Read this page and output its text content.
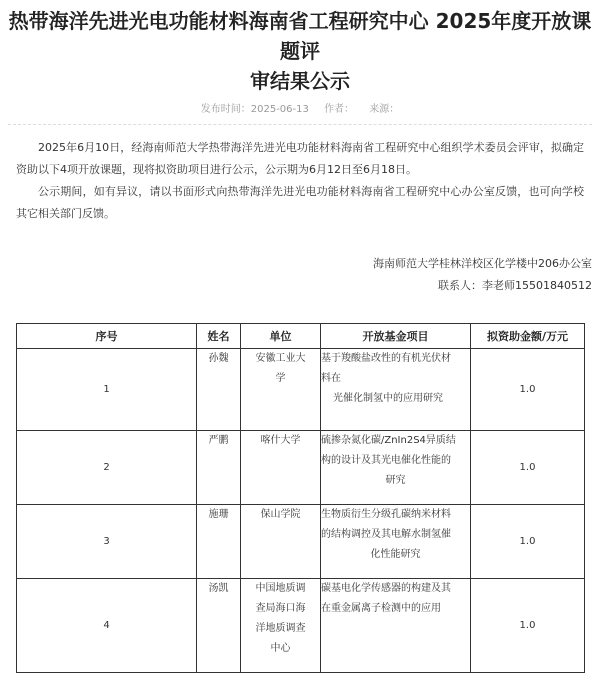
热带海洋先进光电功能材料海南省工程研究中心 2025年度开放课题评
审结果公示
发布时间：2025-06-13 作者： 来源：

2025年6月10日，经海南师范大学热带海洋先进光电功能材料海南省工程研究中心组织学术委员会评审，拟确定资助以下4项开放课题，现将拟资助项目进行公示，公示期为6月12日至6月18日。

公示期间，如有异议，请以书面形式向热带海洋先进光电功能材料海南省工程研究中心办公室反馈，也可向学校其它相关部门反馈。

海南师范大学桂林洋校区化学楼中206办公室
联系人：李老师15501840512
序号	姓名	单位	开放基金项目	拟资助金额/万元
1	孙魏	安徽工业大
学	基于羧酸盐改性的有机光伏材
料在
光催化制氢中的应用研究	1.0
2	严鹏	喀什大学	硫掺杂氮化碳/ZnIn2S4异质结
构的设计及其光电催化性能的
研究	1.0
3	施珊	保山学院	生物质衍生分级孔碳纳米材料
的结构调控及其电解水制氢催
化性能研究	1.0
4	汤凯	中国地质调
查局海口海
洋地质调查
中心	碳基电化学传感器的构建及其
在重金属离子检测中的应用	1.0
